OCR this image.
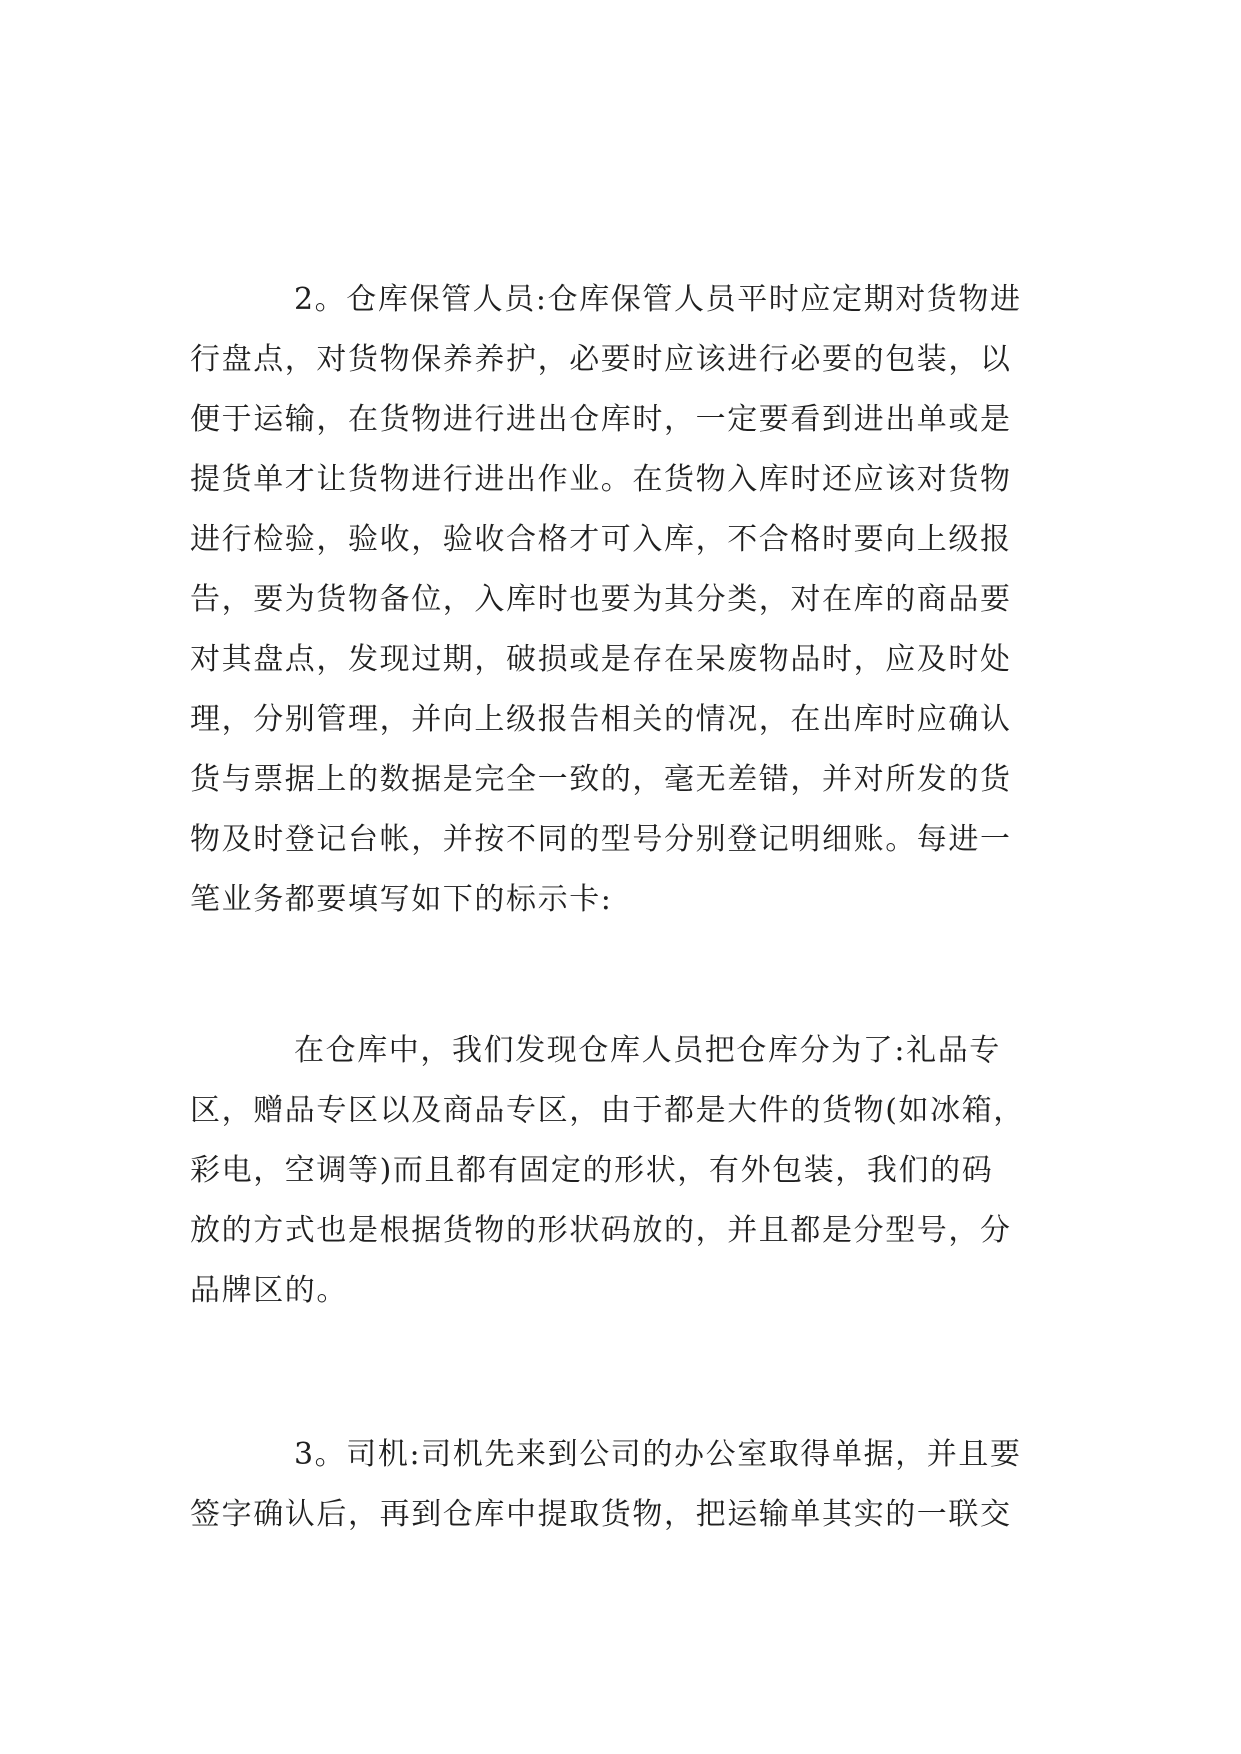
2。仓库保管人员:仓库保管人员平时应定期对货物进
行盘点，对货物保养养护，必要时应该进行必要的包装，以
便于运输，在货物进行进出仓库时，一定要看到进出单或是
提货单才让货物进行进出作业。在货物入库时还应该对货物
进行检验，验收，验收合格才可入库，不合格时要向上级报
告，要为货物备位，入库时也要为其分类，对在库的商品要
对其盘点，发现过期，破损或是存在呆废物品时，应及时处
理，分别管理，并向上级报告相关的情况，在出库时应确认
货与票据上的数据是完全一致的，毫无差错，并对所发的货
物及时登记台帐，并按不同的型号分别登记明细账。每进一
笔业务都要填写如下的标示卡:
在仓库中，我们发现仓库人员把仓库分为了:礼品专
区，赠品专区以及商品专区，由于都是大件的货物(如冰箱，
彩电，空调等)而且都有固定的形状，有外包装，我们的码
放的方式也是根据货物的形状码放的，并且都是分型号，分
品牌区的。
3。司机:司机先来到公司的办公室取得单据，并且要
签字确认后，再到仓库中提取货物，把运输单其实的一联交
